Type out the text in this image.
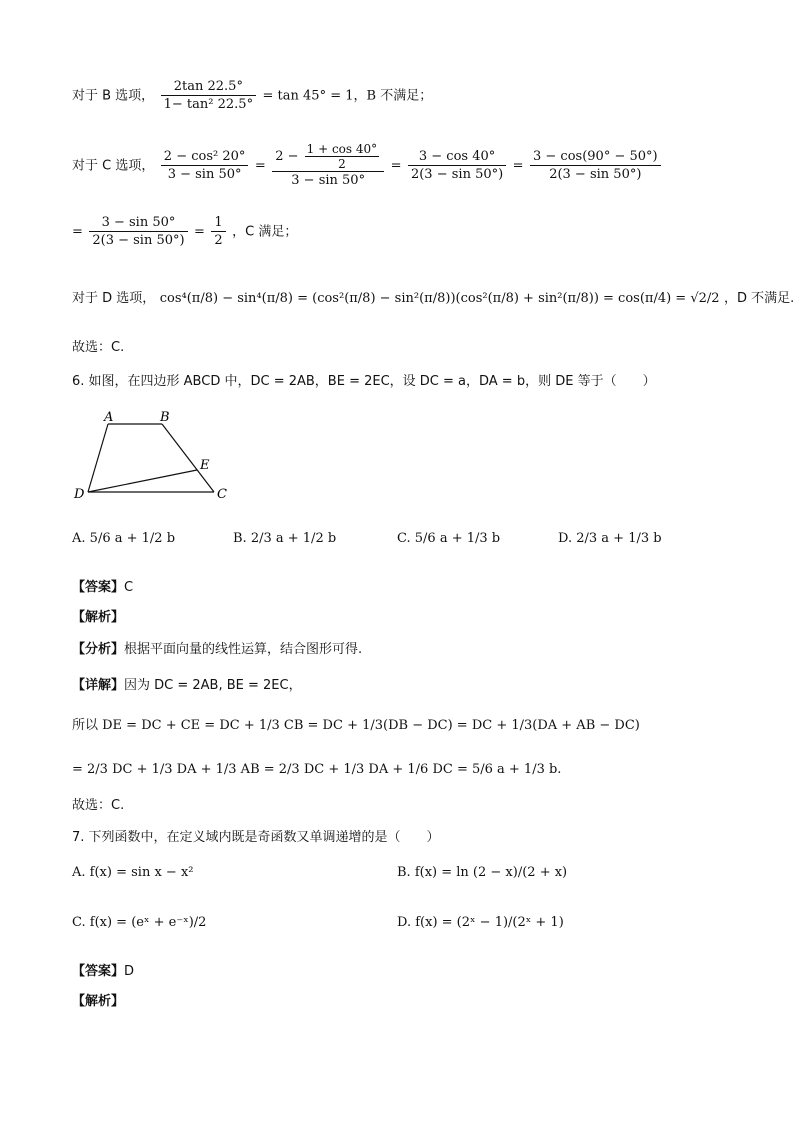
对于 B 选项， $\frac{2\tan 22.5^\circ}{\text{1− tan² 22.5°}} = \tan 45^\circ = 1$，B 不满足；
对于 C 选项， $\frac{\text{2 − cos² 20°}}{3 - \sin 50^\circ} = \frac{2 - \frac{1 + \cos 40^\circ}{2}}{3 - \sin 50^\circ} = \frac{3 - \cos 40^\circ}{2(3 - \sin 50^\circ)} = \frac{3 - \cos(90^\circ - 50^\circ)}{2(3 - \sin 50^\circ)}$
= $\frac{3 - \sin 50^\circ}{2(3 - \sin 50^\circ)} = \frac{1}{2}$ ，C 满足；
对于 D 选项， cos⁴(π/8) − sin⁴(π/8) = (cos²(π/8) − sin²(π/8))(cos²(π/8) + sin²(π/8)) = cos(π/4) = √2/2 ，D 不满足.
故选：C.
6. 如图，在四边形 ABCD 中，DC = 2AB，BE = 2EC，设 DC = a，DA = b，则 DE 等于（　　）
A	B
E
D	C
A. 5/6 a + 1/2 b	B. 2/3 a + 1/2 b	C. 5/6 a + 1/3 b	D. 2/3 a + 1/3 b
【答案】C
【解析】
【分析】根据平面向量的线性运算，结合图形可得.
【详解】因为 DC = 2AB, BE = 2EC，
所以 DE = DC + CE = DC + 1/3 CB = DC + 1/3(DB − DC) = DC + 1/3(DA + AB − DC)
= 2/3 DC + 1/3 DA + 1/3 AB = 2/3 DC + 1/3 DA + 1/6 DC = 5/6 a + 1/3 b.
故选：C.
7. 下列函数中，在定义域内既是奇函数又单调递增的是（　　）
A. f(x) = sin x − x²	B. f(x) = ln (2 − x)/(2 + x)
C. f(x) = (eˣ + e⁻ˣ)/2	D. f(x) = (2ˣ − 1)/(2ˣ + 1)
【答案】D
【解析】
